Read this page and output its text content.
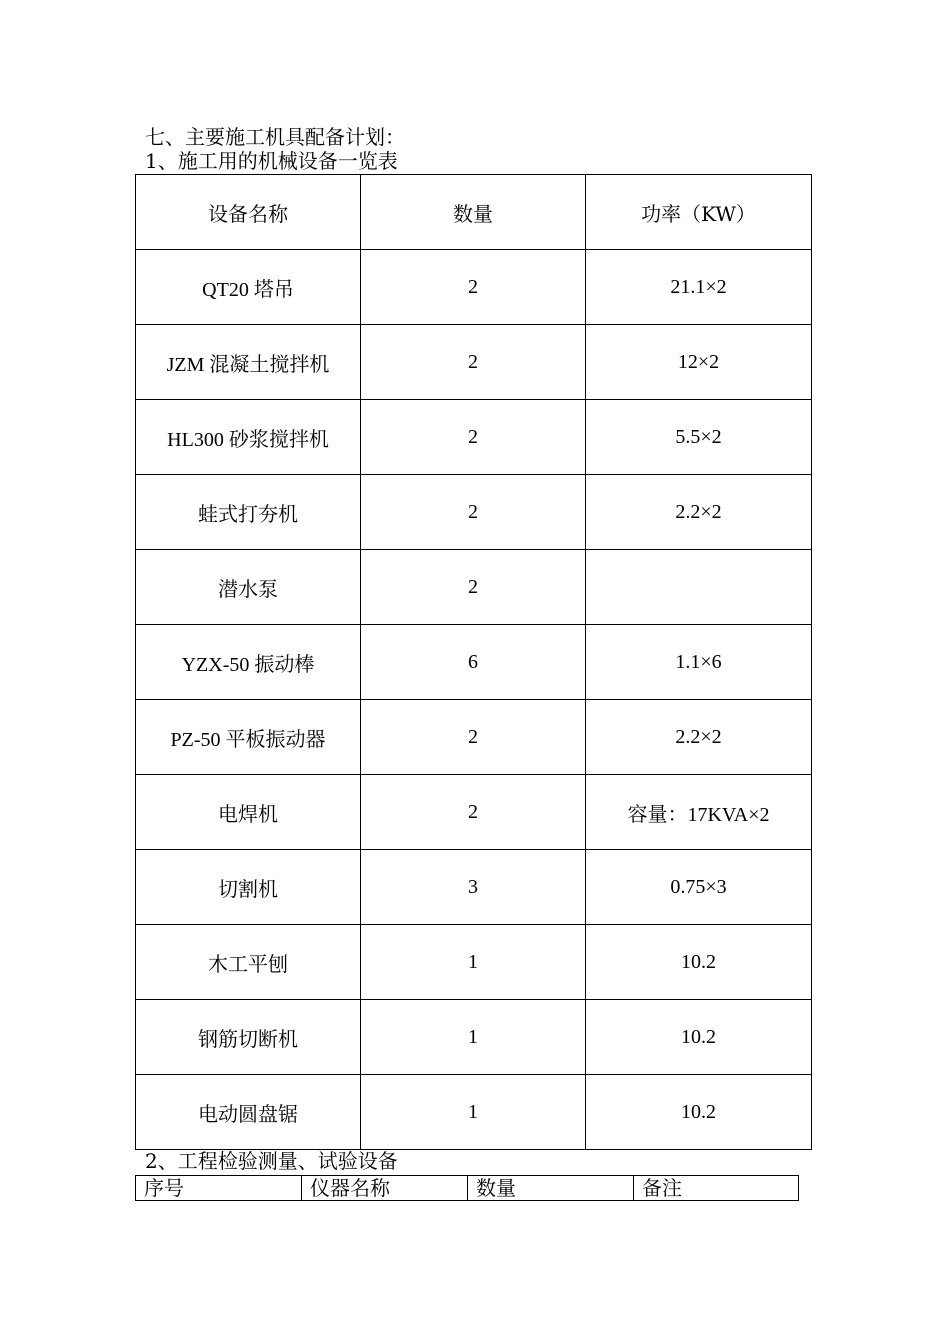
七、主要施工机具配备计划：
1、施工用的机械设备一览表
设备名称	数量	功率（KW）
QT20 塔吊	2	21.1×2
JZM 混凝土搅拌机	2	12×2
HL300 砂浆搅拌机	2	5.5×2
蛙式打夯机	2	2.2×2
潜水泵	2	
YZX-50 振动棒	6	1.1×6
PZ-50 平板振动器	2	2.2×2
电焊机	2	容量：17KVA×2
切割机	3	0.75×3
木工平刨	1	10.2
钢筋切断机	1	10.2
电动圆盘锯	1	10.2
2、工程检验测量、试验设备
序号	仪器名称	数量	备注
